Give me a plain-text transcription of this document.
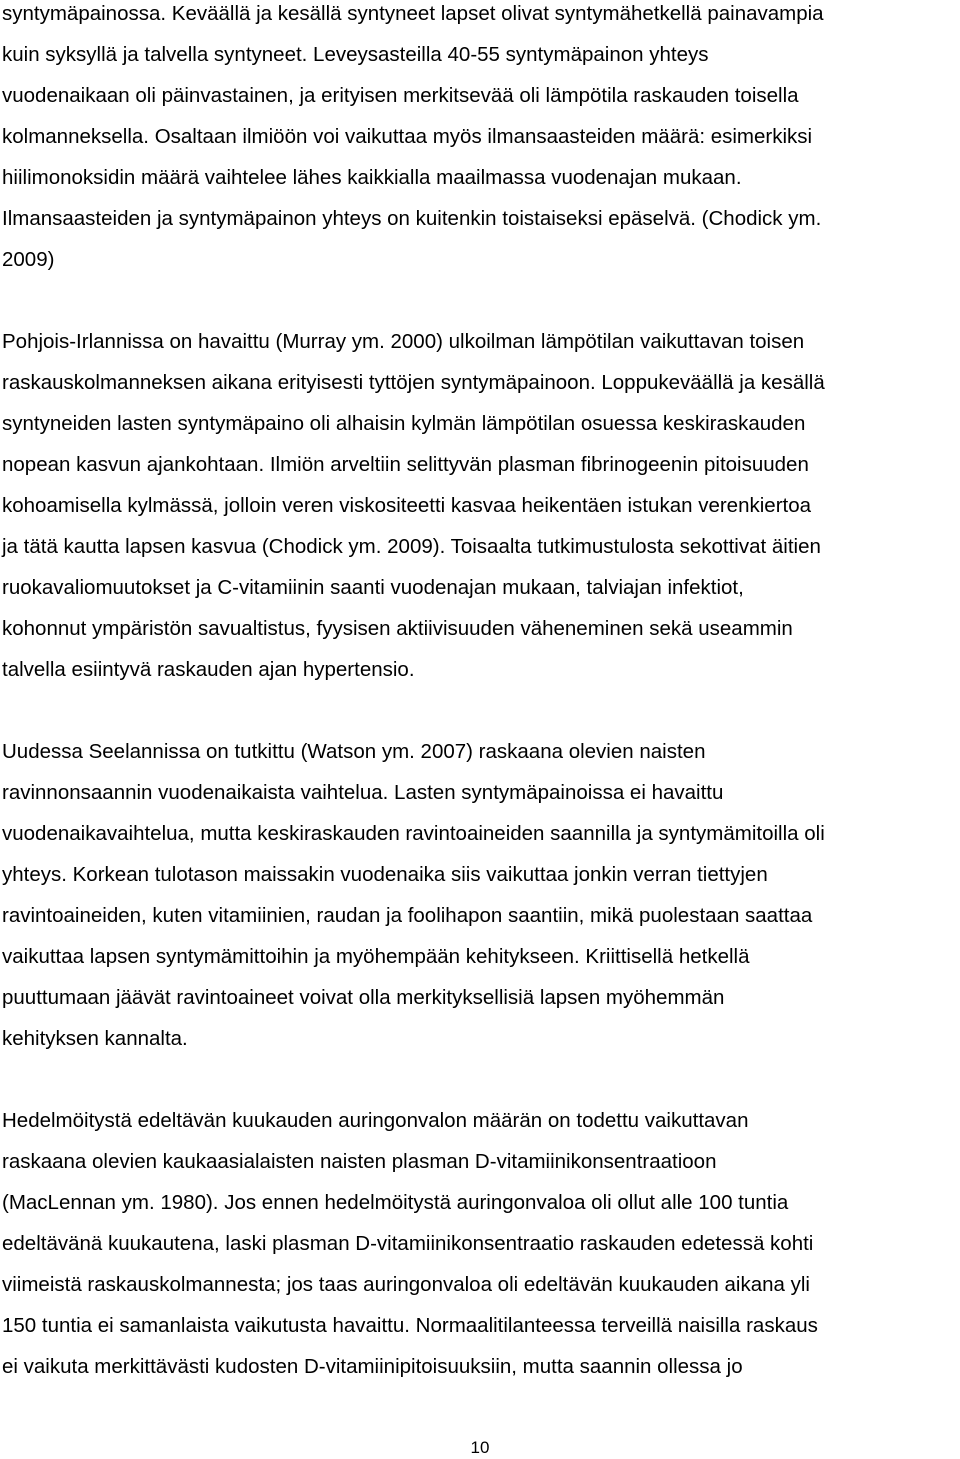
syntymäpainossa. Keväällä ja kesällä syntyneet lapset olivat syntymähetkellä painavampia
kuin syksyllä ja talvella syntyneet. Leveysasteilla 40-55 syntymäpainon yhteys
vuodenaikaan oli päinvastainen, ja erityisen merkitsevää oli lämpötila raskauden toisella
kolmanneksella. Osaltaan ilmiöön voi vaikuttaa myös ilmansaasteiden määrä: esimerkiksi
hiilimonoksidin määrä vaihtelee lähes kaikkialla maailmassa vuodenajan mukaan.
Ilmansaasteiden ja syntymäpainon yhteys on kuitenkin toistaiseksi epäselvä. (Chodick ym.
2009)
Pohjois-Irlannissa on havaittu (Murray ym. 2000) ulkoilman lämpötilan vaikuttavan toisen
raskauskolmanneksen aikana erityisesti tyttöjen syntymäpainoon. Loppukeväällä ja kesällä
syntyneiden lasten syntymäpaino oli alhaisin kylmän lämpötilan osuessa keskiraskauden
nopean kasvun ajankohtaan. Ilmiön arveltiin selittyvän plasman fibrinogeenin pitoisuuden
kohoamisella kylmässä, jolloin veren viskositeetti kasvaa heikentäen istukan verenkiertoa
ja tätä kautta lapsen kasvua (Chodick ym. 2009). Toisaalta tutkimustulosta sekottivat äitien
ruokavaliomuutokset ja C-vitamiinin saanti vuodenajan mukaan, talviajan infektiot,
kohonnut ympäristön savualtistus, fyysisen aktiivisuuden väheneminen sekä useammin
talvella esiintyvä raskauden ajan hypertensio.
Uudessa Seelannissa on tutkittu (Watson ym. 2007) raskaana olevien naisten
ravinnonsaannin vuodenaikaista vaihtelua. Lasten syntymäpainoissa ei havaittu
vuodenaikavaihtelua, mutta keskiraskauden ravintoaineiden saannilla ja syntymämitoilla oli
yhteys. Korkean tulotason maissakin vuodenaika siis vaikuttaa jonkin verran tiettyjen
ravintoaineiden, kuten vitamiinien, raudan ja foolihapon saantiin, mikä puolestaan saattaa
vaikuttaa lapsen syntymämittoihin ja myöhempään kehitykseen. Kriittisellä hetkellä
puuttumaan jäävät ravintoaineet voivat olla merkityksellisiä lapsen myöhemmän
kehityksen kannalta.
Hedelmöitystä edeltävän kuukauden auringonvalon määrän on todettu vaikuttavan
raskaana olevien kaukaasialaisten naisten plasman D-vitamiinikonsentraatioon
(MacLennan ym. 1980). Jos ennen hedelmöitystä auringonvaloa oli ollut alle 100 tuntia
edeltävänä kuukautena, laski plasman D-vitamiinikonsentraatio raskauden edetessä kohti
viimeistä raskauskolmannesta; jos taas auringonvaloa oli edeltävän kuukauden aikana yli
150 tuntia ei samanlaista vaikutusta havaittu. Normaalitilanteessa terveillä naisilla raskaus
ei vaikuta merkittävästi kudosten D-vitamiinipitoisuuksiin, mutta saannin ollessa jo
10
